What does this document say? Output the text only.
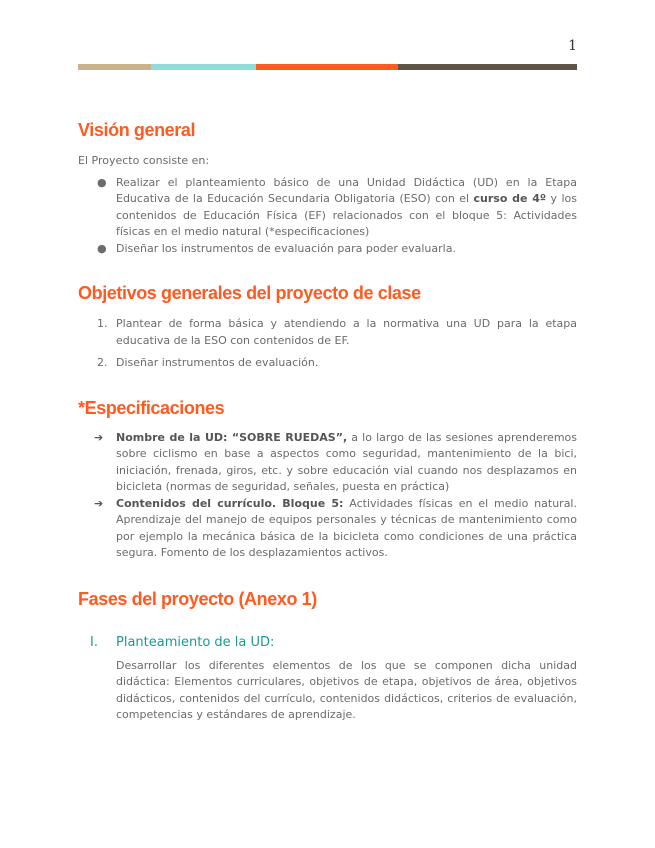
1
Visión general

El Proyecto consiste en:

● Realizar el planteamiento básico de una Unidad Didáctica (UD) en la Etapa Educativa de la Educación Secundaria Obligatoria (ESO) con el curso de 4º y los contenidos de Educación Física (EF) relacionados con el bloque 5: Actividades físicas en el medio natural (*especificaciones)
● Diseñar los instrumentos de evaluación para poder evaluarla.
Objetivos generales del proyecto de clase
1. Plantear de forma básica y atendiendo a la normativa una UD para la etapa educativa de la ESO con contenidos de EF.
2. Diseñar instrumentos de evaluación.
*Especificaciones
➔ Nombre de la UD: “SOBRE RUEDAS”, a lo largo de las sesiones aprenderemos sobre ciclismo en base a aspectos como seguridad, mantenimiento de la bici, iniciación, frenada, giros, etc. y sobre educación vial cuando nos desplazamos en bicicleta (normas de seguridad, señales, puesta en práctica)
➔ Contenidos del currículo. Bloque 5: Actividades físicas en el medio natural. Aprendizaje del manejo de equipos personales y técnicas de mantenimiento como por ejemplo la mecánica básica de la bicicleta como condiciones de una práctica segura. Fomento de los desplazamientos activos.
Fases del proyecto (Anexo 1)
I. Planteamiento de la UD:

Desarrollar los diferentes elementos de los que se componen dicha unidad didáctica: Elementos curriculares, objetivos de etapa, objetivos de área, objetivos didácticos, contenidos del currículo, contenidos didácticos, criterios de evaluación, competencias y estándares de aprendizaje.
